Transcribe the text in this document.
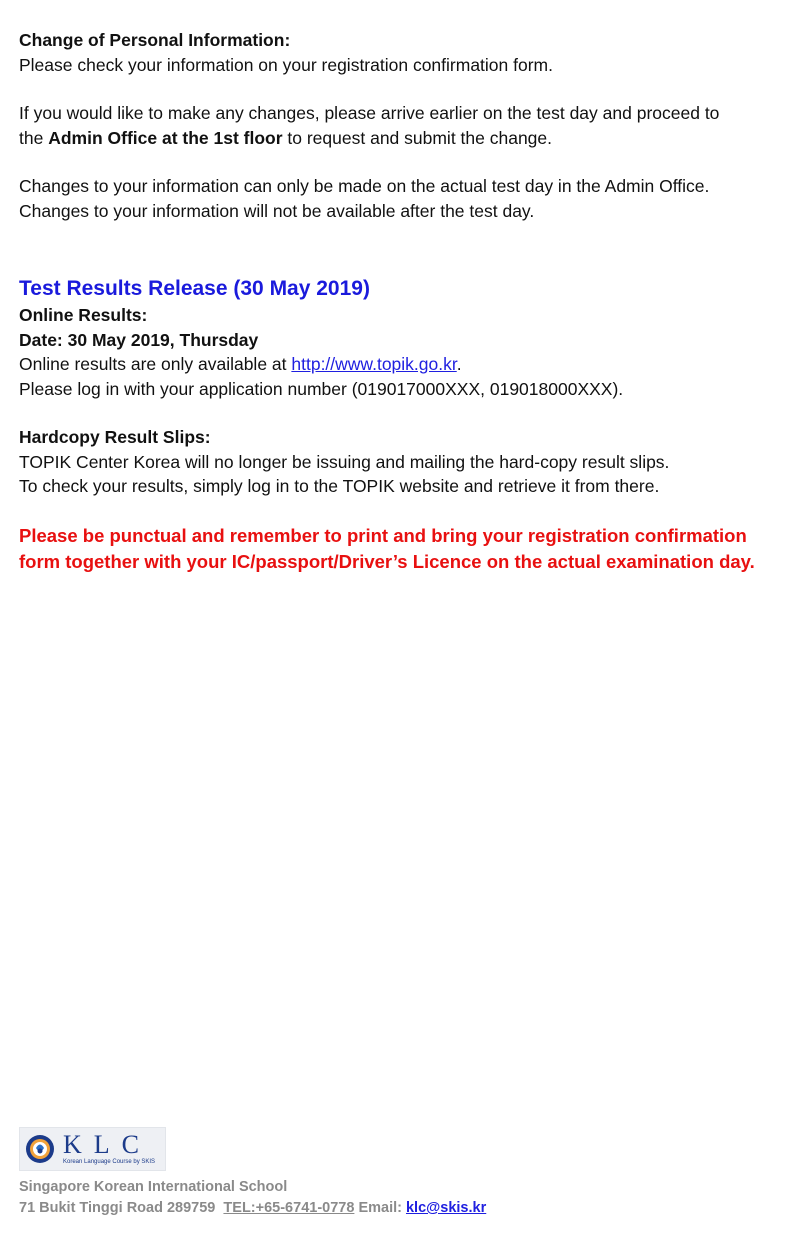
Change of Personal Information:
Please check your information on your registration confirmation form.
If you would like to make any changes, please arrive earlier on the test day and proceed to
the Admin Office at the 1st floor to request and submit the change.
Changes to your information can only be made on the actual test day in the Admin Office.
Changes to your information will not be available after the test day.
Test Results Release (30 May 2019)
Online Results:
Date: 30 May 2019, Thursday
Online results are only available at http://www.topik.go.kr.
Please log in with your application number (019017000XXX, 019018000XXX).
Hardcopy Result Slips:
TOPIK Center Korea will no longer be issuing and mailing the hard-copy result slips.
To check your results, simply log in to the TOPIK website and retrieve it from there.
Please be punctual and remember to print and bring your registration confirmation
form together with your IC/passport/Driver’s Licence on the actual examination day.
KLC
Korean Language Course by SKIS
Singapore Korean International School
71 Bukit Tinggi Road 289759 TEL:+65-6741-0778 Email: klc@skis.kr
